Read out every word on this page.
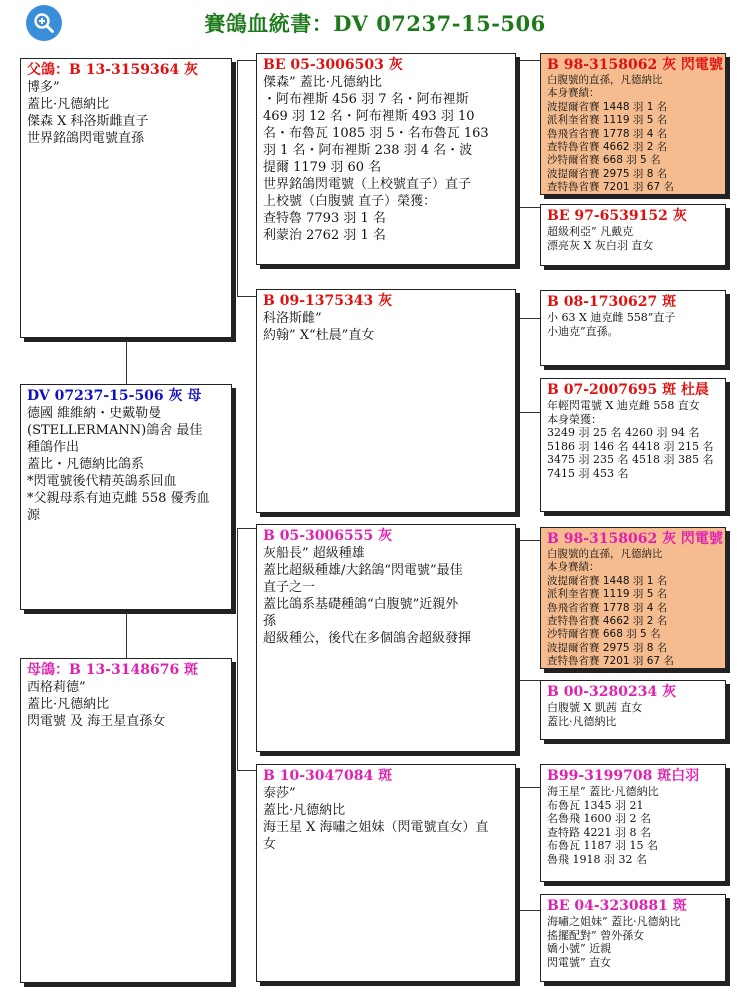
賽鴿血統書：DV 07237-15-506
父鴿：B 13-3159364 灰
博多”
蓋比·凡德納比
傑森 X 科洛斯雌直子
世界銘鴿閃電號直孫
DV 07237-15-506 灰 母
德國 維維納・史戴勒曼
(STELLERMANN)鴿舍 最佳
種鴿作出
蓋比・凡德納比鴿系
*閃電號後代精英鴿系回血
*父親母系有迪克雌 558 優秀血
源
母鴿：B 13-3148676 斑
西格莉德”
蓋比·凡德納比
閃電號 及 海王星直孫女
BE 05-3006503 灰
傑森” 蓋比·凡德納比
・阿布裡斯 456 羽 7 名・阿布裡斯
469 羽 12 名・阿布裡斯 493 羽 10
名・布魯瓦 1085 羽 5・名布魯瓦 163
羽 1 名・阿布裡斯 238 羽 4 名・波
提爾 1179 羽 60 名
世界銘鴿閃電號（上校號直子）直子
上校號（白腹號 直子）榮獲：
查特魯 7793 羽 1 名
利蒙治 2762 羽 1 名
B 09-1375343 灰
科洛斯雌”
約翰” X“杜晨”直女
B 05-3006555 灰
灰船長” 超級種雄
蓋比超級種雄/大銘鴿“閃電號”最佳
直子之一
蓋比鴿系基礎種鴿“白腹號”近親外
孫
超級種公，後代在多個鴿舍超級發揮
B 10-3047084 斑
泰莎”
蓋比·凡德納比
海王星 X 海嘯之姐妹（閃電號直女）直
女
B 98-3158062 灰 閃電號
白腹號的直孫，凡德納比
本身賽績：
波提爾省賽 1448 羽 1 名
派利奎省賽 1119 羽 5 名
魯飛省省賽 1778 羽 4 名
查特魯省賽 4662 羽 2 名
沙特爾省賽 668 羽 5 名
波提爾省賽 2975 羽 8 名
查特魯省賽 7201 羽 67 名
BE 97-6539152 灰
超級利亞” 凡戴克
漂亮灰 X 灰白羽 直女
B 08-1730627 斑
小 63 X 迪克雌 558”直子
小迪克”直孫。
B 07-2007695 斑 杜晨
年輕閃電號 X 迪克雌 558 直女
本身榮獲：
3249 羽 25 名 4260 羽 94 名
5186 羽 146 名 4418 羽 215 名
3475 羽 235 名 4518 羽 385 名
7415 羽 453 名
B 98-3158062 灰 閃電號
白腹號的直孫，凡德納比
本身賽績：
波提爾省賽 1448 羽 1 名
派利奎省賽 1119 羽 5 名
魯飛省省賽 1778 羽 4 名
查特魯省賽 4662 羽 2 名
沙特爾省賽 668 羽 5 名
波提爾省賽 2975 羽 8 名
查特魯省賽 7201 羽 67 名
B 00-3280234 灰
白腹號 X 凱茜 直女
蓋比·凡德納比
B99-3199708 斑白羽
海王星” 蓋比·凡德納比
布魯瓦 1345 羽 21
名魯飛 1600 羽 2 名
查特路 4221 羽 8 名
布魯瓦 1187 羽 15 名
魯飛 1918 羽 32 名
BE 04-3230881 斑
海嘯之姐妹” 蓋比·凡德納比
搖擺配對” 曾外孫女
嬌小號” 近親
閃電號” 直女
